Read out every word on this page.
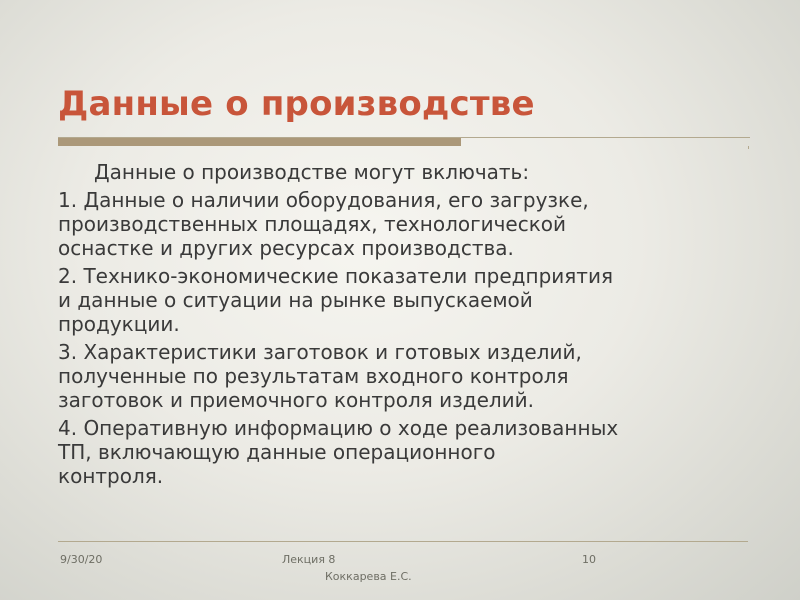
Данные о производстве

Данные о производстве могут включать:

1. Данные о наличии оборудования, его загрузке,
производственных площадях, технологической
оснастке и других ресурсах производства.

2. Технико-экономические показатели предприятия
и данные о ситуации на рынке выпускаемой
продукции.

3. Характеристики заготовок и готовых изделий,
полученные по результатам входного контроля
заготовок и приемочного контроля изделий.

4. Оперативную информацию о ходе реализованных
ТП, включающую данные операционного
контроля.

9/30/20	Лекция 8
Коккарева Е.С.
10
